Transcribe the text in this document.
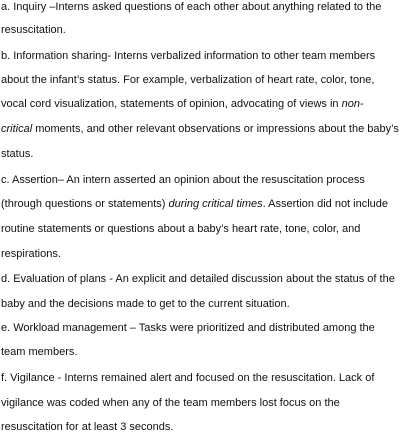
a. Inquiry –Interns asked questions of each other about anything related to the
resuscitation.
b. Information sharing- Interns verbalized information to other team members
about the infant’s status. For example, verbalization of heart rate, color, tone,
vocal cord visualization, statements of opinion, advocating of views in non-
critical moments, and other relevant observations or impressions about the baby’s
status.
c. Assertion– An intern asserted an opinion about the resuscitation process
(through questions or statements) during critical times. Assertion did not include
routine statements or questions about a baby’s heart rate, tone, color, and
respirations.
d. Evaluation of plans - An explicit and detailed discussion about the status of the
baby and the decisions made to get to the current situation.
e. Workload management – Tasks were prioritized and distributed among the
team members.
f. Vigilance - Interns remained alert and focused on the resuscitation. Lack of
vigilance was coded when any of the team members lost focus on the
resuscitation for at least 3 seconds.
